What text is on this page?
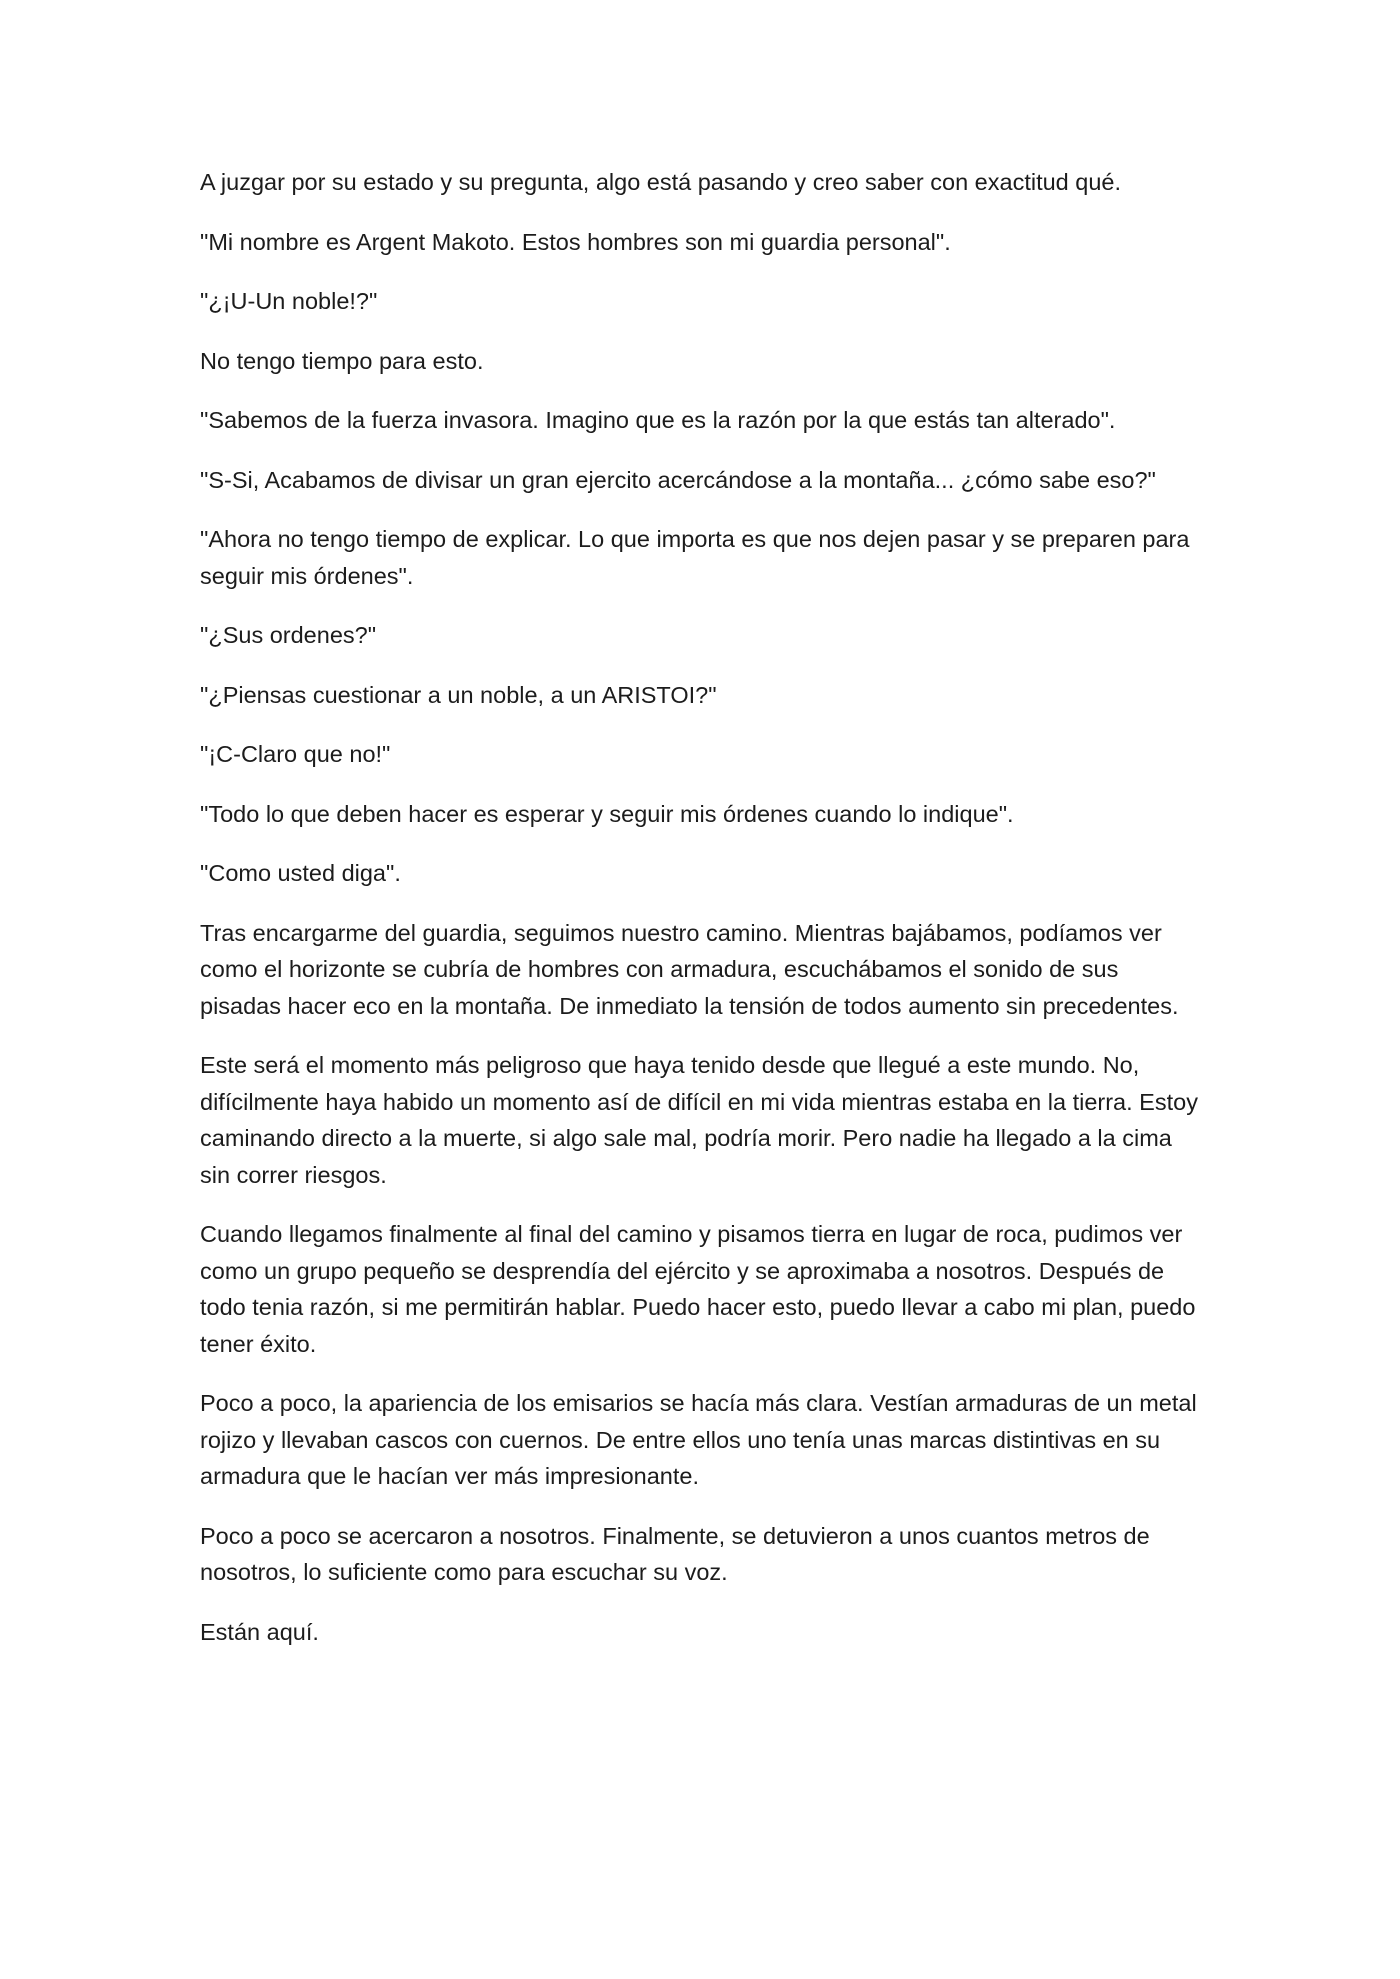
A juzgar por su estado y su pregunta, algo está pasando y creo saber con exactitud qué.

"Mi nombre es Argent Makoto. Estos hombres son mi guardia personal".

"¿¡U-Un noble!?"

No tengo tiempo para esto.

"Sabemos de la fuerza invasora. Imagino que es la razón por la que estás tan alterado".

"S-Si, Acabamos de divisar un gran ejercito acercándose a la montaña... ¿cómo sabe eso?"

"Ahora no tengo tiempo de explicar. Lo que importa es que nos dejen pasar y se preparen para seguir mis órdenes".

"¿Sus ordenes?"

"¿Piensas cuestionar a un noble, a un ARISTOI?"

"¡C-Claro que no!"

"Todo lo que deben hacer es esperar y seguir mis órdenes cuando lo indique".

"Como usted diga".

Tras encargarme del guardia, seguimos nuestro camino. Mientras bajábamos, podíamos ver como el horizonte se cubría de hombres con armadura, escuchábamos el sonido de sus pisadas hacer eco en la montaña. De inmediato la tensión de todos aumento sin precedentes.

Este será el momento más peligroso que haya tenido desde que llegué a este mundo. No, difícilmente haya habido un momento así de difícil en mi vida mientras estaba en la tierra. Estoy caminando directo a la muerte, si algo sale mal, podría morir. Pero nadie ha llegado a la cima sin correr riesgos.

Cuando llegamos finalmente al final del camino y pisamos tierra en lugar de roca, pudimos ver como un grupo pequeño se desprendía del ejército y se aproximaba a nosotros. Después de todo tenia razón, si me permitirán hablar. Puedo hacer esto, puedo llevar a cabo mi plan, puedo tener éxito.

Poco a poco, la apariencia de los emisarios se hacía más clara. Vestían armaduras de un metal rojizo y llevaban cascos con cuernos. De entre ellos uno tenía unas marcas distintivas en su armadura que le hacían ver más impresionante.

Poco a poco se acercaron a nosotros. Finalmente, se detuvieron a unos cuantos metros de nosotros, lo suficiente como para escuchar su voz.

Están aquí.
